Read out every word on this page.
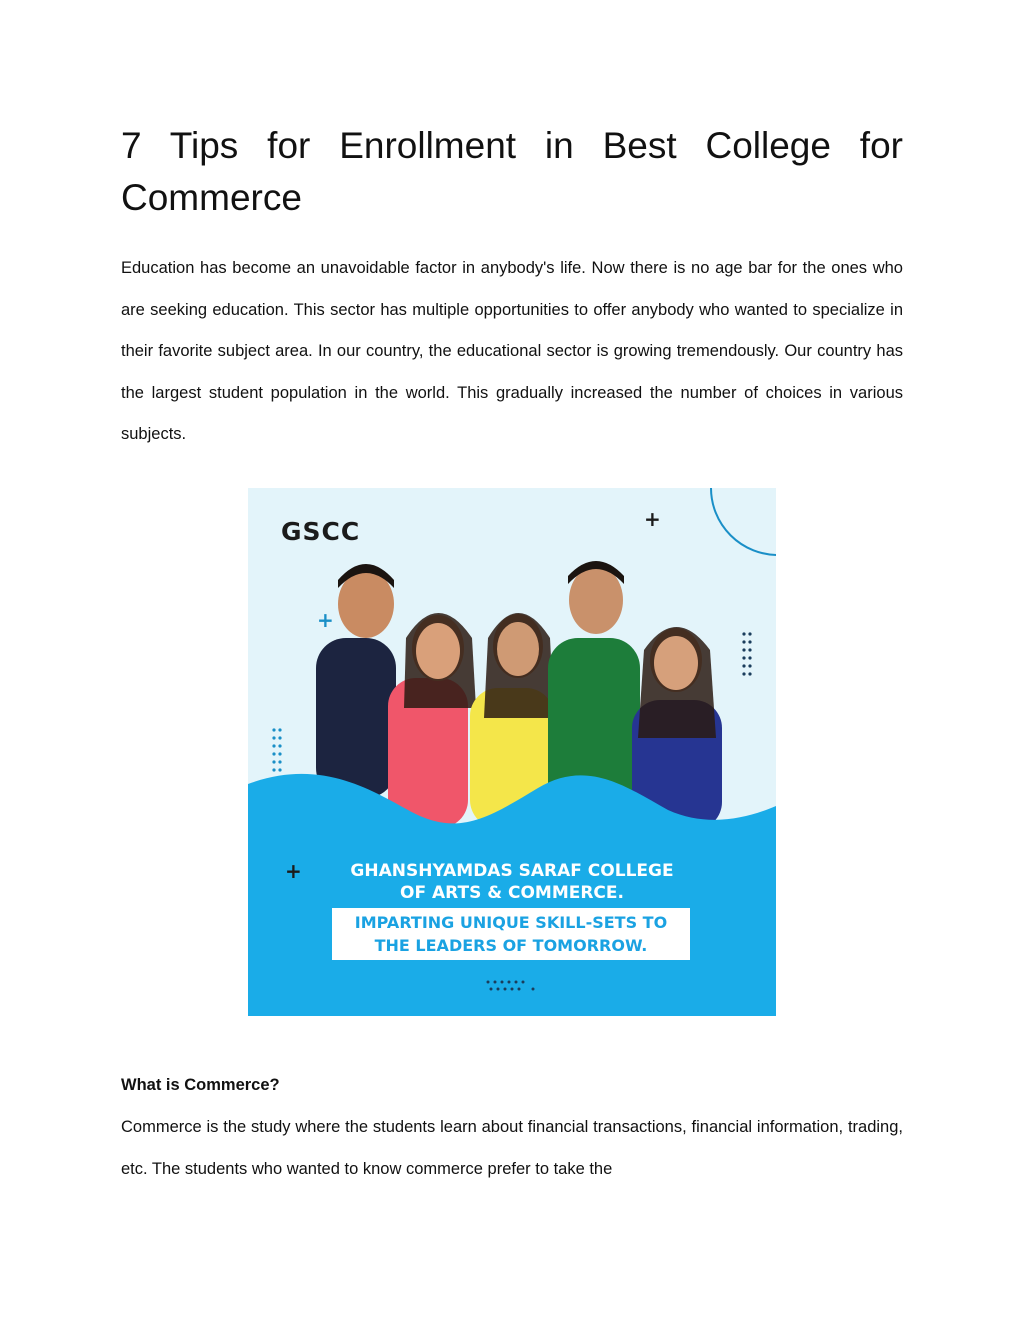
7 Tips for Enrollment in Best College for Commerce

Education has become an unavoidable factor in anybody's life. Now there is no age bar for the ones who are seeking education. This sector has multiple opportunities to offer anybody who wanted to specialize in their favorite subject area. In our country, the educational sector is growing tremendously. Our country has the largest student population in the world. This gradually increased the number of choices in various subjects.

GSCC	+
+
+	GHANSHYAMDAS SARAF COLLEGE
OF ARTS & COMMERCE.
IMPARTING UNIQUE SKILL-SETS TO
THE LEADERS OF TOMORROW.
What is Commerce?

Commerce is the study where the students learn about financial transactions, financial information, trading, etc. The students who wanted to know commerce prefer to take the
